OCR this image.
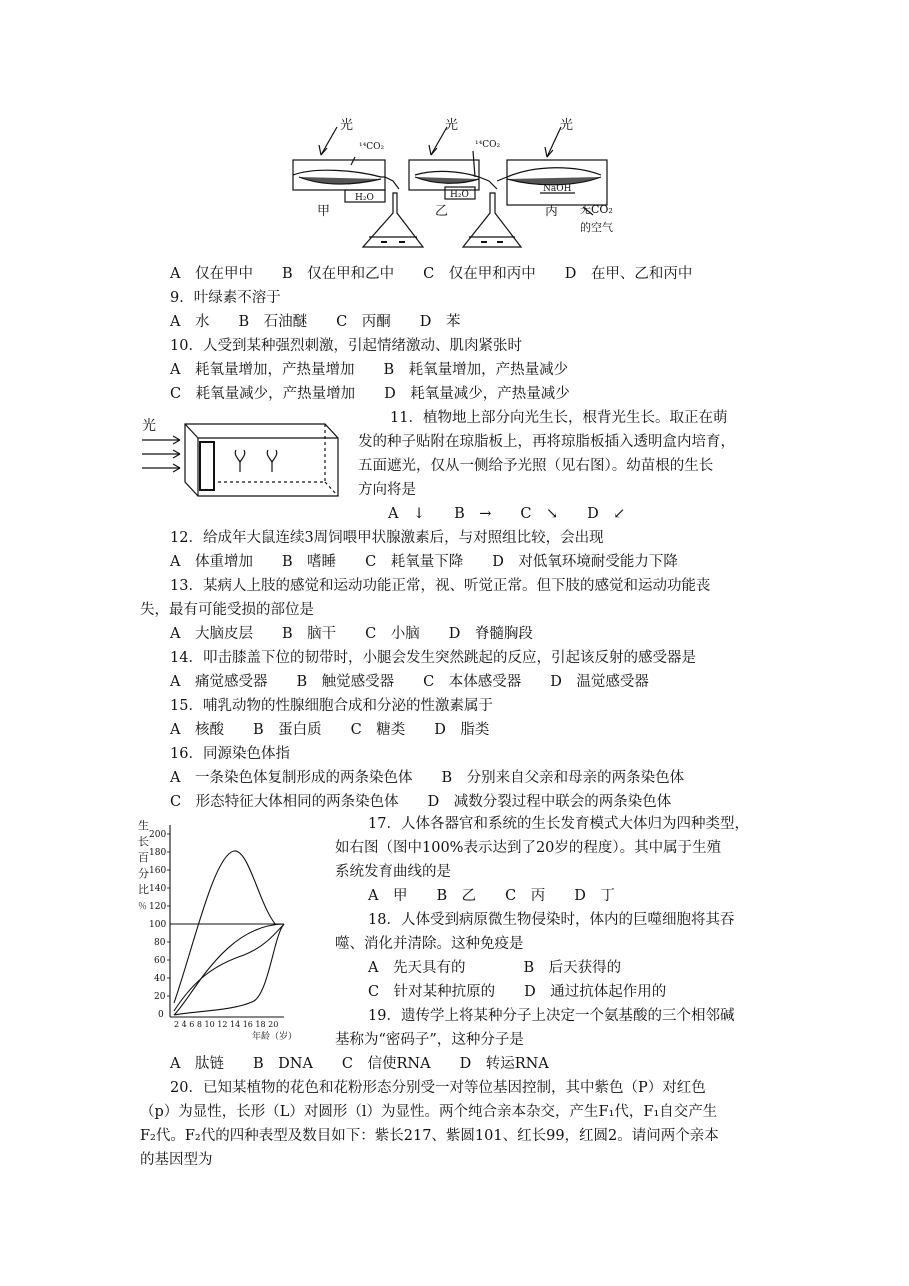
光	光	光
¹⁴CO₂	¹⁴CO₂
H₂O	H₂O
NaOH
甲	乙	丙 无CO₂
的空气
A　仅在甲中　　B　仅在甲和乙中　　C　仅在甲和丙中　　D　在甲、乙和丙中
9．叶绿素不溶于
A　水　　B　石油醚　　C　丙酮　　D　苯
10．人受到某种强烈刺激，引起情绪激动、肌肉紧张时
A　耗氧量增加，产热量增加　　B　耗氧量增加，产热量减少
C　耗氧量减少，产热量增加　　D　耗氧量减少，产热量减少
光	11．植物地上部分向光生长，根背光生长。取正在萌
发的种子贴附在琼脂板上，再将琼脂板插入透明盒内培育，
五面遮光，仅从一侧给予光照（见右图）。幼苗根的生长
方向将是
A　↓　　B　→　　C　↘　　D　↙
12．给成年大鼠连续3周饲喂甲状腺激素后，与对照组比较，会出现
A　体重增加　　B　嗜睡　　C　耗氧量下降　　D　对低氧环境耐受能力下降
13．某病人上肢的感觉和运动功能正常，视、听觉正常。但下肢的感觉和运动功能丧
失，最有可能受损的部位是
A　大脑皮层　　B　脑干　　C　小脑　　D　脊髓胸段
14．叩击膝盖下位的韧带时，小腿会发生突然跳起的反应，引起该反射的感受器是
A　痛觉感受器　　B　触觉感受器　　C　本体感受器　　D　温觉感受器
15．哺乳动物的性腺细胞合成和分泌的性激素属于
A　核酸　　B　蛋白质　　C　糖类　　D　脂类
16．同源染色体指
A　一条染色体复制形成的两条染色体　　B　分别来自父亲和母亲的两条染色体
C　形态特征大体相同的两条染色体　　D　减数分裂过程中联会的两条染色体
生
长
百
分
比
％
200
180
160
140
120
100
80
60
40
20
0
2 4 6 8 10 12 14 16 18 20
年龄（岁）
17．人体各器官和系统的生长发育模式大体归为四种类型，
如右图（图中100%表示达到了20岁的程度）。其中属于生殖
系统发育曲线的是
A　甲　　B　乙　　C　丙　　D　丁
18．人体受到病原微生物侵染时，体内的巨噬细胞将其吞
噬、消化并清除。这种免疫是
A　先天具有的　　　　B　后天获得的
C　针对某种抗原的　　D　通过抗体起作用的
19．遗传学上将某种分子上决定一个氨基酸的三个相邻碱
基称为“密码子”，这种分子是
A　肽链　　B　DNA　　C　信使RNA　　D　转运RNA
20．已知某植物的花色和花粉形态分别受一对等位基因控制，其中紫色（P）对红色
（p）为显性，长形（L）对圆形（l）为显性。两个纯合亲本杂交，产生F₁代，F₁自交产生
F₂代。F₂代的四种表型及数目如下：紫长217、紫圆101、红长99，红圆2。请问两个亲本
的基因型为
